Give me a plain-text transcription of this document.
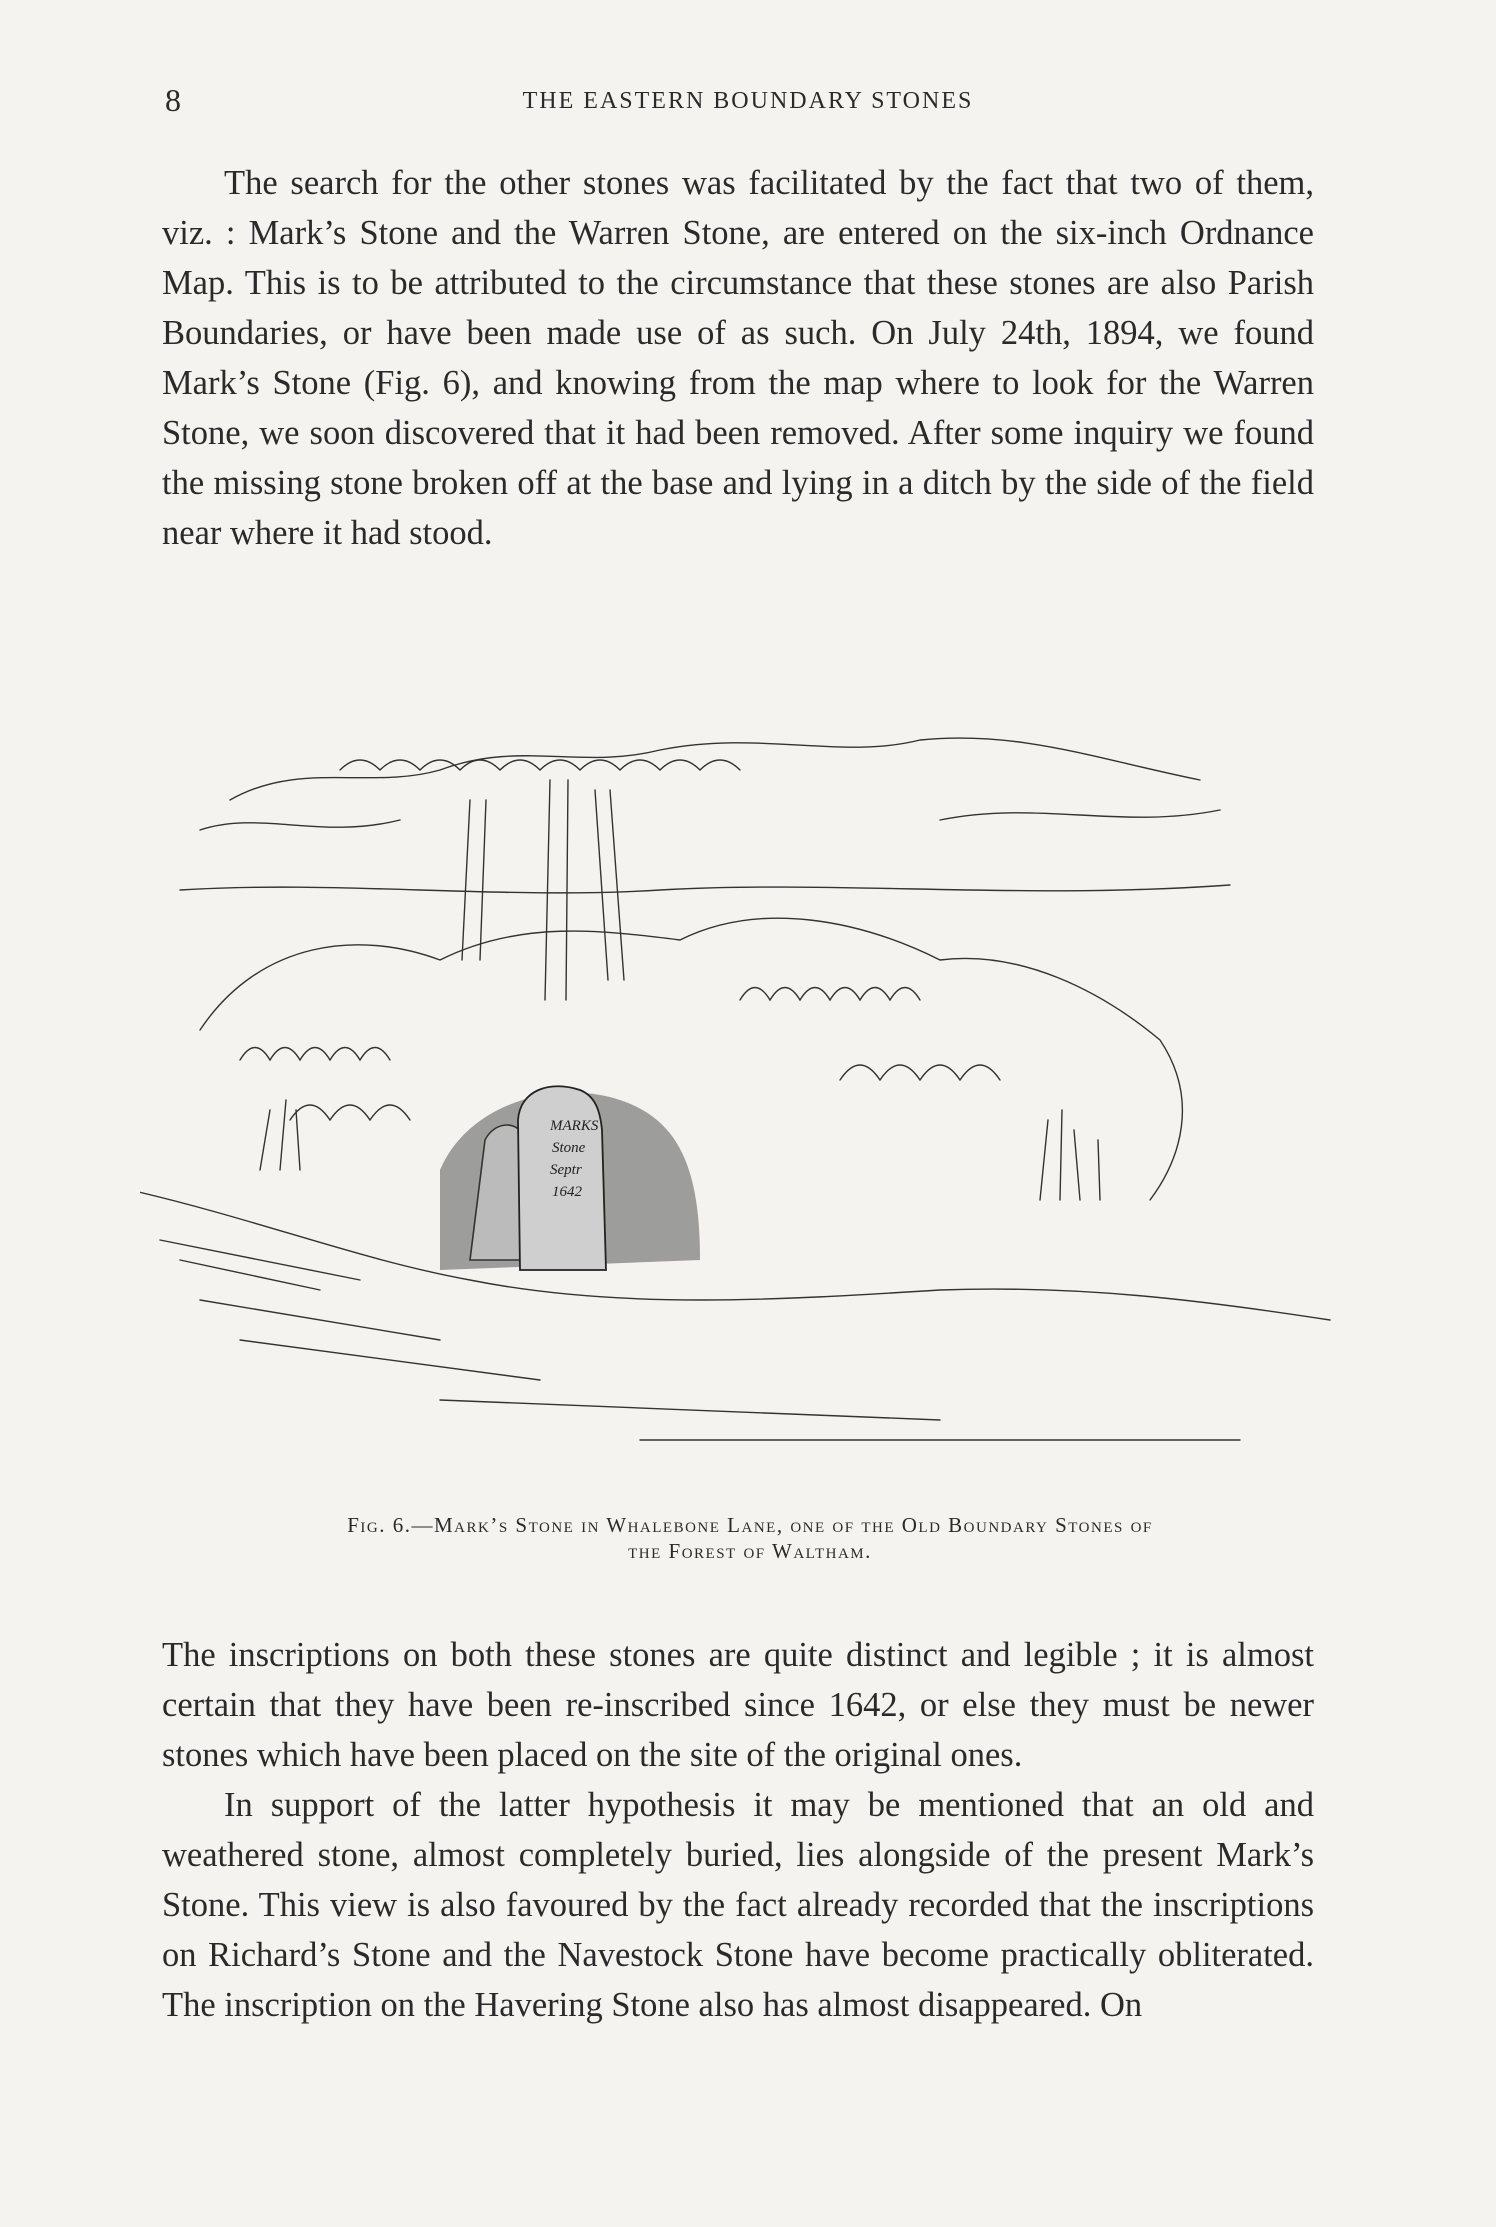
8	THE EASTERN BOUNDARY STONES

The search for the other stones was facilitated by the fact that two of them, viz. : Mark’s Stone and the Warren Stone, are entered on the six-inch Ordnance Map. This is to be attributed to the circumstance that these stones are also Parish Boundaries, or have been made use of as such. On July 24th, 1894, we found Mark’s Stone (Fig. 6), and knowing from the map where to look for the Warren Stone, we soon discovered that it had been removed. After some inquiry we found the missing stone broken off at the base and lying in a ditch by the side of the field near where it had stood.

MARKS
Stone
Septr
1642
Fig. 6.—Mark’s Stone in Whalebone Lane, one of the Old Boundary Stones of
the Forest of Waltham.

The inscriptions on both these stones are quite distinct and legible ; it is almost certain that they have been re-inscribed since 1642, or else they must be newer stones which have been placed on the site of the original ones.

In support of the latter hypothesis it may be mentioned that an old and weathered stone, almost completely buried, lies alongside of the present Mark’s Stone. This view is also favoured by the fact already recorded that the inscriptions on Richard’s Stone and the Navestock Stone have become practically obliterated. The inscription on the Havering Stone also has almost disappeared. On
